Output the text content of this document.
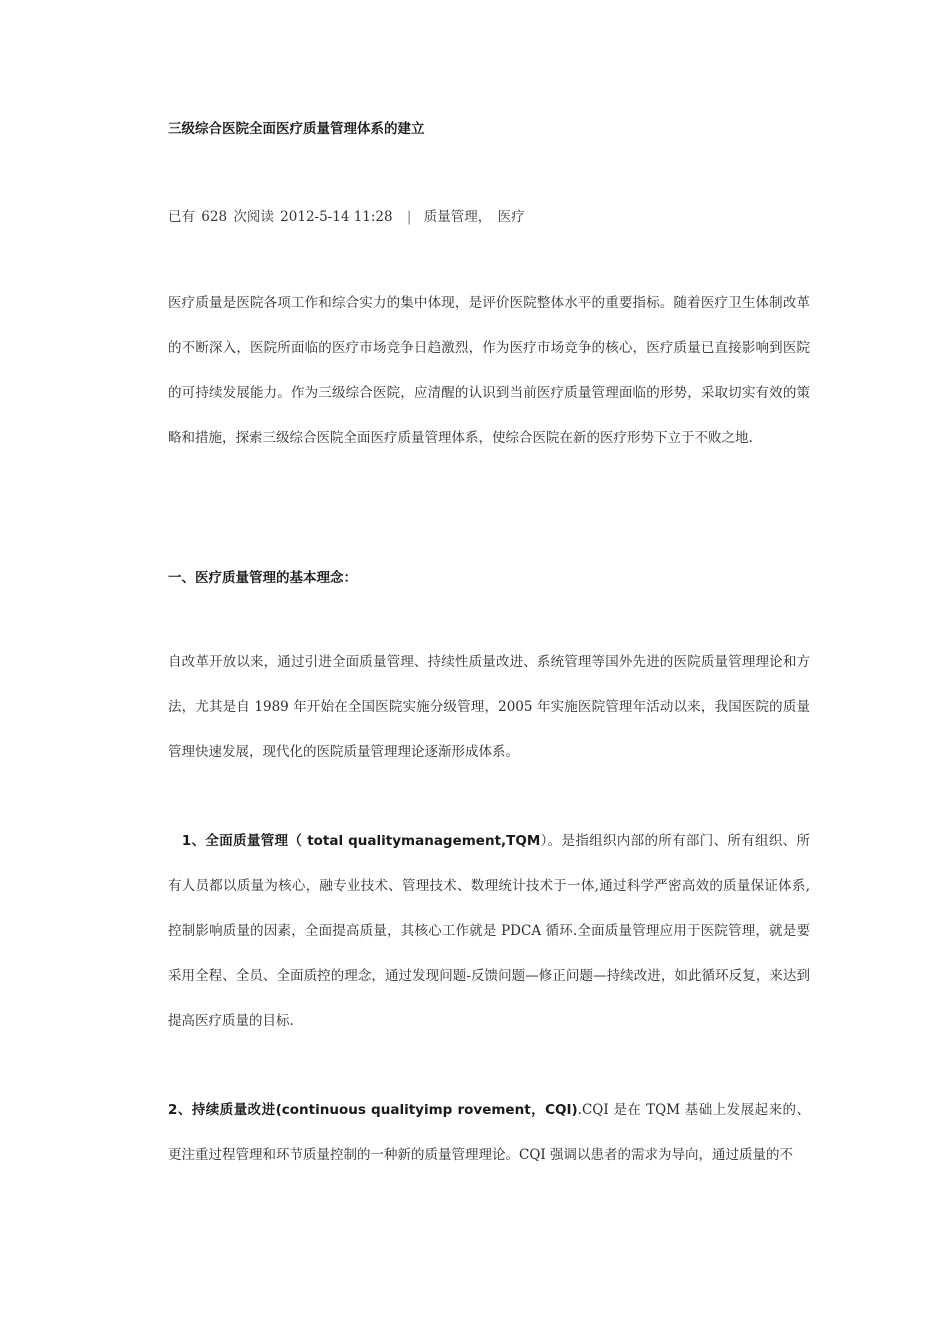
三级综合医院全面医疗质量管理体系的建立
已有 628 次阅读 2012-5-14 11:28 | 质量管理， 医疗
医疗质量是医院各项工作和综合实力的集中体现，是评价医院整体水平的重要指标。随着医疗卫生体制改革的不断深入，医院所面临的医疗市场竞争日趋激烈，作为医疗市场竞争的核心，医疗质量已直接影响到医院的可持续发展能力。作为三级综合医院，应清醒的认识到当前医疗质量管理面临的形势，采取切实有效的策略和措施，探索三级综合医院全面医疗质量管理体系，使综合医院在新的医疗形势下立于不败之地.
一、医疗质量管理的基本理念：
自改革开放以来，通过引进全面质量管理、持续性质量改进、系统管理等国外先进的医院质量管理理论和方法，尤其是自 1989 年开始在全国医院实施分级管理，2005 年实施医院管理年活动以来，我国医院的质量管理快速发展，现代化的医院质量管理理论逐渐形成体系。
1、全面质量管理（ total qualitymanagement,TQM）。是指组织内部的所有部门、所有组织、所有人员都以质量为核心，融专业技术、管理技术、数理统计技术于一体,通过科学严密高效的质量保证体系,控制影响质量的因素，全面提高质量，其核心工作就是 PDCA 循环.全面质量管理应用于医院管理，就是要采用全程、全员、全面质控的理念，通过发现问题-反馈问题—修正问题—持续改进，如此循环反复，来达到提高医疗质量的目标.
2、持续质量改进(continuous qualityimp rovement，CQI).CQI 是在 TQM 基础上发展起来的、更注重过程管理和环节质量控制的一种新的质量管理理论。CQI 强调以患者的需求为导向，通过质量的不
